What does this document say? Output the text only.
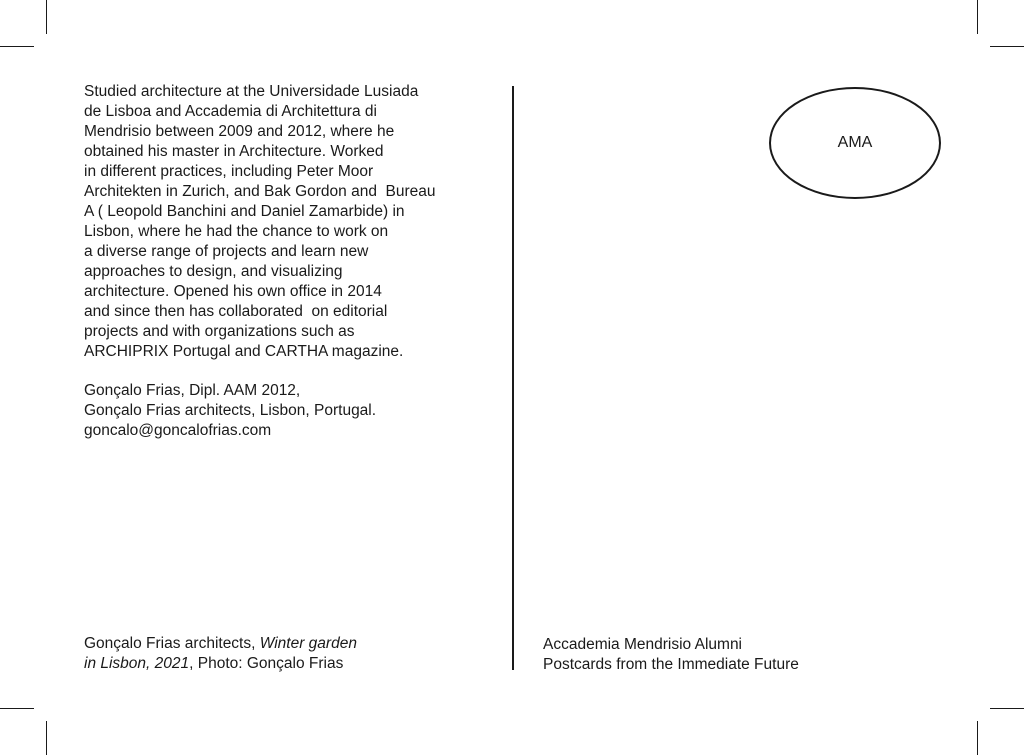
Studied architecture at the Universidade Lusiada
de Lisboa and Accademia di Architettura di
Mendrisio between 2009 and 2012, where he
obtained his master in Architecture. Worked
in different practices, including Peter Moor
Architekten in Zurich, and Bak Gordon and  Bureau
A ( Leopold Banchini and Daniel Zamarbide) in
Lisbon, where he had the chance to work on
a diverse range of projects and learn new
approaches to design, and visualizing
architecture. Opened his own office in 2014
and since then has collaborated  on editorial
projects and with organizations such as
ARCHIPRIX Portugal and CARTHA magazine.

Gonçalo Frias, Dipl. AAM 2012,
Gonçalo Frias architects, Lisbon, Portugal.
goncalo@goncalofrias.com

AMA

Gonçalo Frias architects, Winter garden
in Lisbon, 2021, Photo: Gonçalo Frias

Accademia Mendrisio Alumni
Postcards from the Immediate Future
